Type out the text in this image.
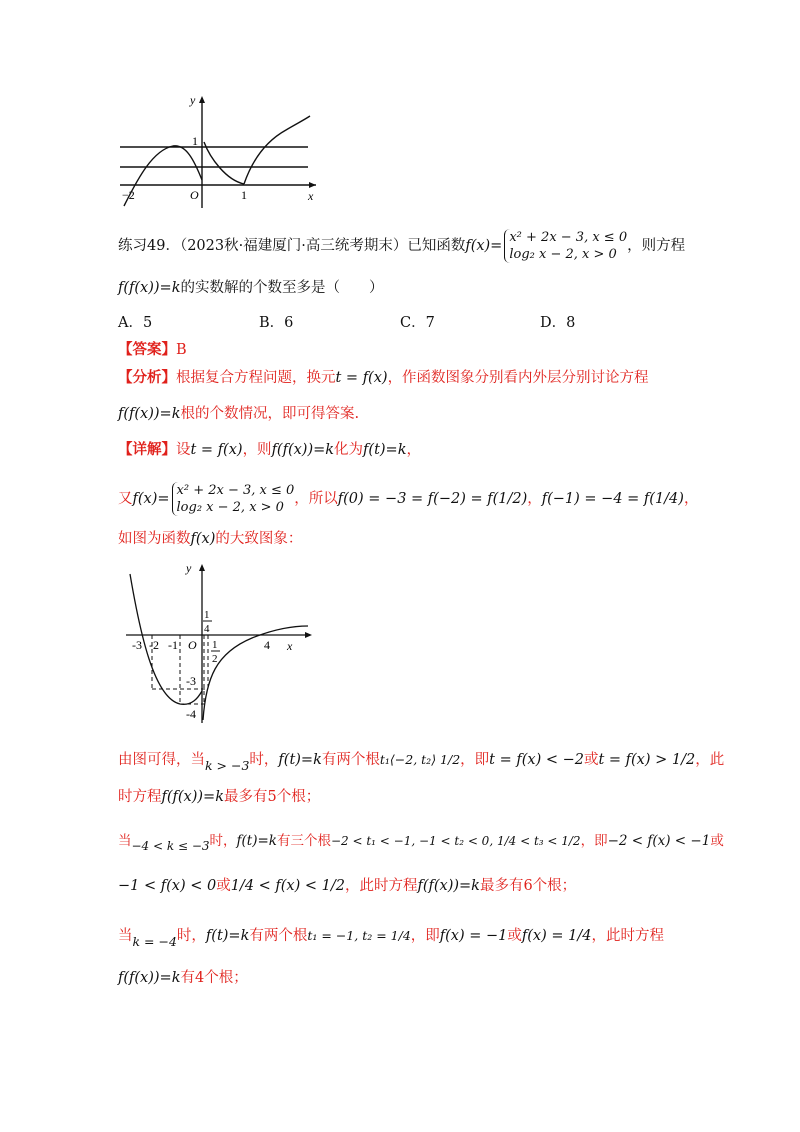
y
x
O
−2	1
1
练习49．（2023秋·福建厦门·高三统考期末）已知函数f(x)=x² + 2x − 3, x ≤ 0
log₂ x − 2, x > 0，则方程
f(f(x))=k的实数解的个数至多是（　　）
A．5	B．6	C．7	D．8
【答案】B
【分析】根据复合方程问题，换元t = f(x)，作函数图象分别看内外层分别讨论方程
f(f(x))=k根的个数情况，即可得答案.
【详解】设t = f(x)，则f(f(x))=k化为f(t)=k，
又f(x)=x² + 2x − 3, x ≤ 0
log₂ x − 2, x > 0，所以f(0) = −3 = f(−2) = f(1/2)，f(−1) = −4 = f(1/4)，
如图为函数f(x)的大致图象：
y
x
O
-3 -2 -1	4
1
4
1
2
-3
-4
由图可得，当k > −3时，f(t)=k有两个根t₁⟨−2, t₂⟩ 1/2，即t = f(x) < −2或t = f(x) > 1/2，此
时方程f(f(x))=k最多有5个根；
当−4 < k ≤ −3时，f(t)=k有三个根−2 < t₁ < −1, −1 < t₂ < 0, 1/4 < t₃ < 1/2，即−2 < f(x) < −1或
−1 < f(x) < 0或1/4 < f(x) < 1/2，此时方程f(f(x))=k最多有6个根；
当k = −4时，f(t)=k有两个根t₁ = −1, t₂ = 1/4，即f(x) = −1或f(x) = 1/4，此时方程
f(f(x))=k有4个根；
